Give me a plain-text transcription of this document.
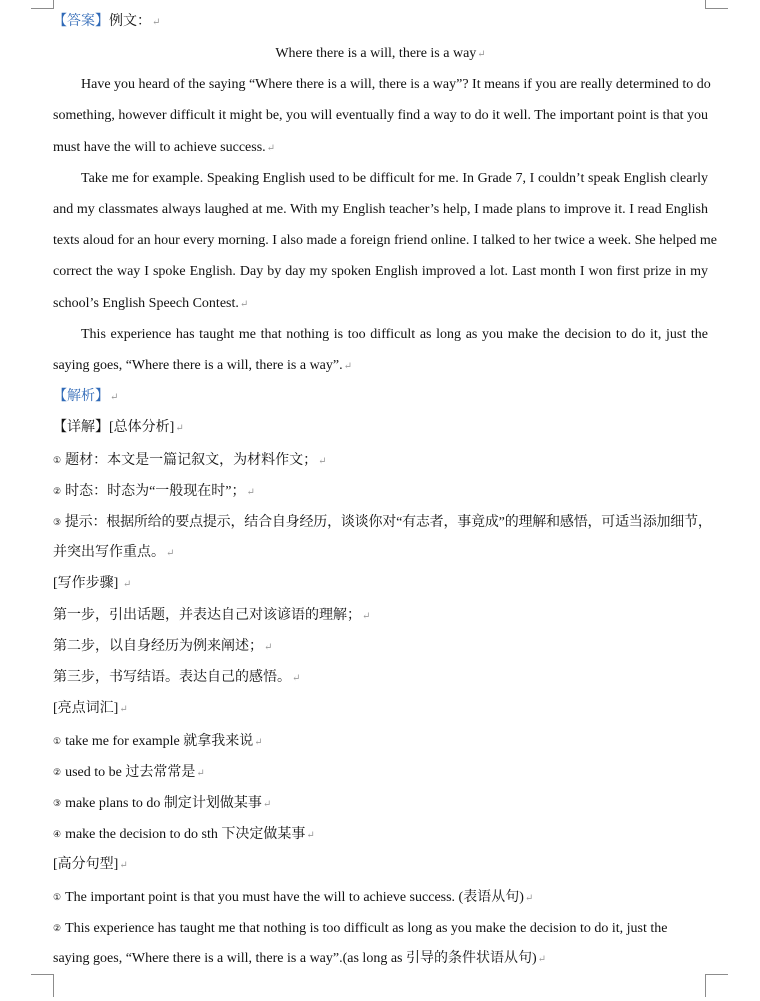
【答案】例文：↵
Where there is a will, there is a way↵
Have you heard of the saying “Where there is a will, there is a way”? It means if you are really determined to do
something, however difficult it might be, you will eventually find a way to do it well. The important point is that you
must have the will to achieve success.↵
Take me for example. Speaking English used to be difficult for me. In Grade 7, I couldn’t speak English clearly
and my classmates always laughed at me. With my English teacher’s help, I made plans to improve it. I read English
texts aloud for an hour every morning. I also made a foreign friend online. I talked to her twice a week. She helped me
correct the way I spoke English. Day by day my spoken English improved a lot. Last month I won first prize in my
school’s English Speech Contest.↵
This experience has taught me that nothing is too difficult as long as you make the decision to do it, just the
saying goes, “Where there is a will, there is a way”.↵
【解析】↵
【详解】[总体分析]↵
① 题材：本文是一篇记叙文，为材料作文；↵
② 时态：时态为“一般现在时”；↵
③ 提示：根据所给的要点提示，结合自身经历，谈谈你对“有志者，事竟成”的理解和感悟，可适当添加细节，
并突出写作重点。↵
[写作步骤] ↵
第一步，引出话题，并表达自己对该谚语的理解；↵
第二步，以自身经历为例来阐述；↵
第三步，书写结语。表达自己的感悟。↵
[亮点词汇]↵
① take me for example 就拿我来说↵
② used to be 过去常常是↵
③ make plans to do 制定计划做某事↵
④ make the decision to do sth 下决定做某事↵
[高分句型]↵
① The important point is that you must have the will to achieve success. (表语从句)↵
② This experience has taught me that nothing is too difficult as long as you make the decision to do it, just the
saying goes, “Where there is a will, there is a way”.(as long as 引导的条件状语从句)↵
